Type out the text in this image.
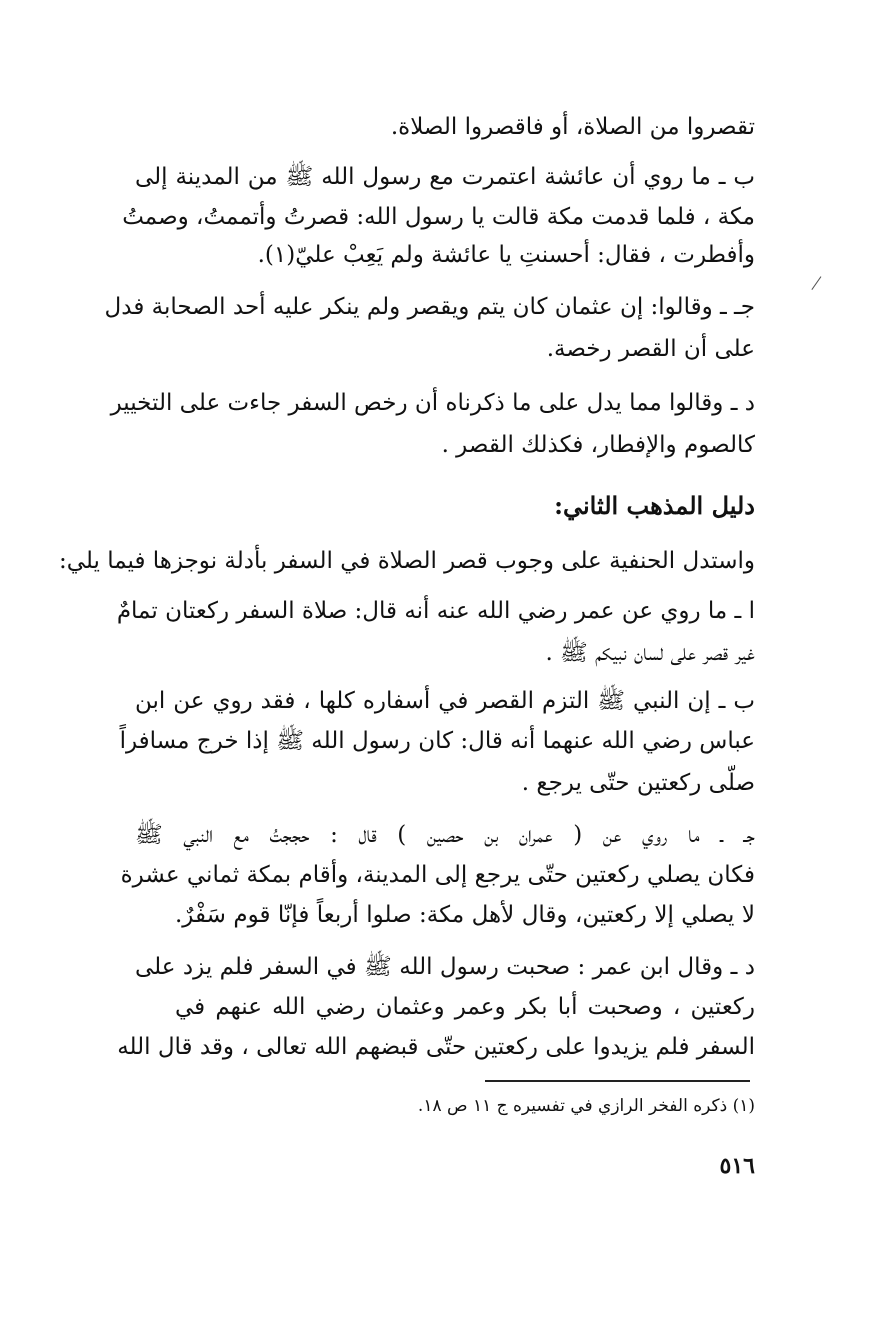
تقصروا من الصلاة، أو فاقصروا الصلاة.
ب ـ ما روي أن عائشة اعتمرت مع رسول الله ﷺ من المدينة إلى
مكة ، فلما قدمت مكة قالت يا رسول الله: قصرتُ وأتممتُ، وصمتُ
وأفطرت ، فقال: أحسنتِ يا عائشة ولم يَعِبْ عليّ(١).
جـ ـ وقالوا: إن عثمان كان يتم ويقصر ولم ينكر عليه أحد الصحابة فدل
على أن القصر رخصة.
د ـ وقالوا مما يدل على ما ذكرناه أن رخص السفر جاءت على التخيير
كالصوم والإفطار، فكذلك القصر .
دليل المذهب الثاني:
واستدل الحنفية على وجوب قصر الصلاة في السفر بأدلة نوجزها فيما يلي:
ا ـ ما روي عن عمر رضي الله عنه أنه قال: صلاة السفر ركعتان تمامٌ
غير قصر على لسان نبيكم ﷺ .
ب ـ إن النبي ﷺ التزم القصر في أسفاره كلها ، فقد روي عن ابن
عباس رضي الله عنهما أنه قال: كان رسول الله ﷺ إذا خرج مسافراً
صلّى ركعتين حتّى يرجع .
جـ ـ ما روي عن ( عمران بن حصين ) قال : حججتُ مع النبي ﷺ
فكان يصلي ركعتين حتّى يرجع إلى المدينة، وأقام بمكة ثماني عشرة
لا يصلي إلا ركعتين، وقال لأهل مكة: صلوا أربعاً فإنّا قوم سَفْرٌ.
د ـ وقال ابن عمر : صحبت رسول الله ﷺ في السفر فلم يزد على
ركعتين ، وصحبت أبا بكر وعمر وعثمان رضي الله عنهم في
السفر فلم يزيدوا على ركعتين حتّى قبضهم الله تعالى ، وقد قال الله
(١) ذكره الفخر الرازي في تفسيره ج ١١ ص ١٨.
٥١٦
